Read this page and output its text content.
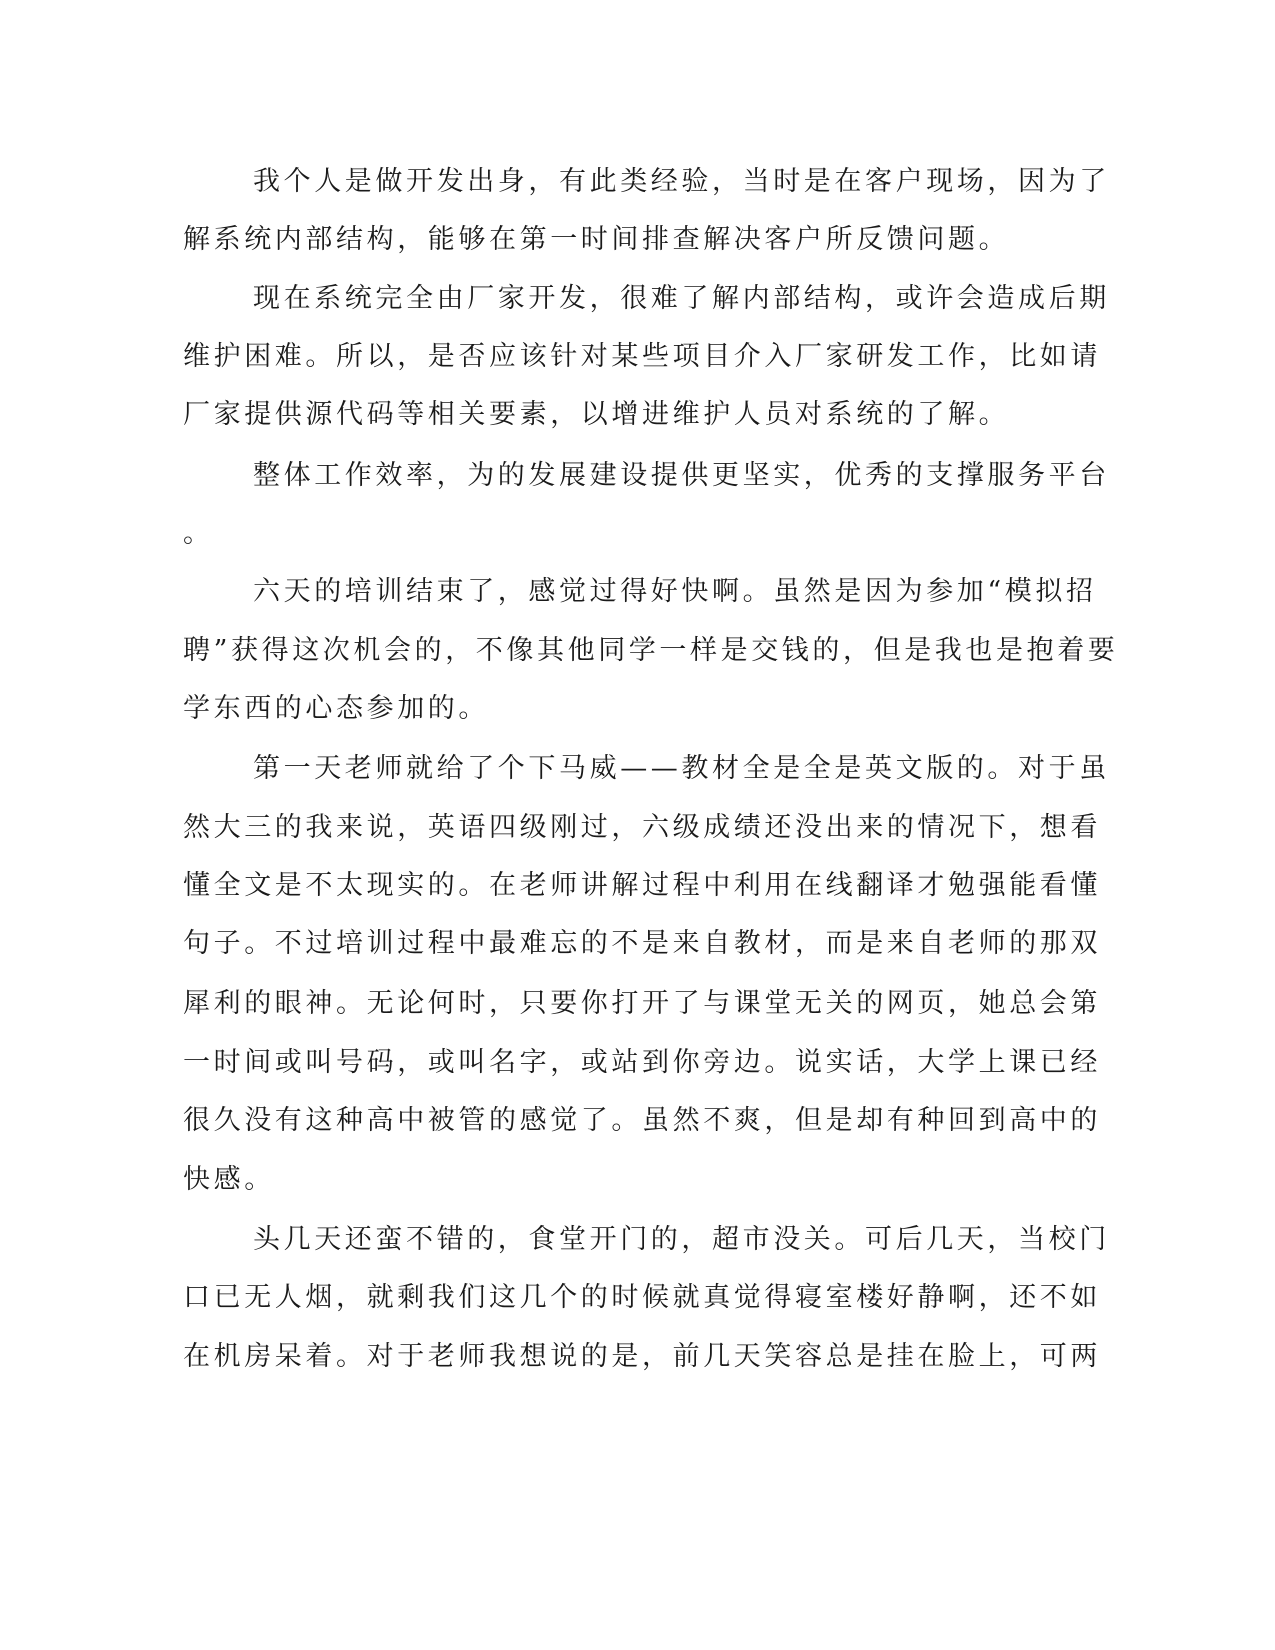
我个人是做开发出身，有此类经验，当时是在客户现场，因为了
解系统内部结构，能够在第一时间排查解决客户所反馈问题。
现在系统完全由厂家开发，很难了解内部结构，或许会造成后期
维护困难。所以，是否应该针对某些项目介入厂家研发工作，比如请
厂家提供源代码等相关要素，以增进维护人员对系统的了解。
整体工作效率，为的发展建设提供更坚实，优秀的支撑服务平台
。
六天的培训结束了，感觉过得好快啊。虽然是因为参加“模拟招
聘”获得这次机会的，不像其他同学一样是交钱的，但是我也是抱着要
学东西的心态参加的。
第一天老师就给了个下马威——教材全是全是英文版的。对于虽
然大三的我来说，英语四级刚过，六级成绩还没出来的情况下，想看
懂全文是不太现实的。在老师讲解过程中利用在线翻译才勉强能看懂
句子。不过培训过程中最难忘的不是来自教材，而是来自老师的那双
犀利的眼神。无论何时，只要你打开了与课堂无关的网页，她总会第
一时间或叫号码，或叫名字，或站到你旁边。说实话，大学上课已经
很久没有这种高中被管的感觉了。虽然不爽，但是却有种回到高中的
快感。
头几天还蛮不错的，食堂开门的，超市没关。可后几天，当校门
口已无人烟，就剩我们这几个的时候就真觉得寝室楼好静啊，还不如
在机房呆着。对于老师我想说的是，前几天笑容总是挂在脸上，可两
